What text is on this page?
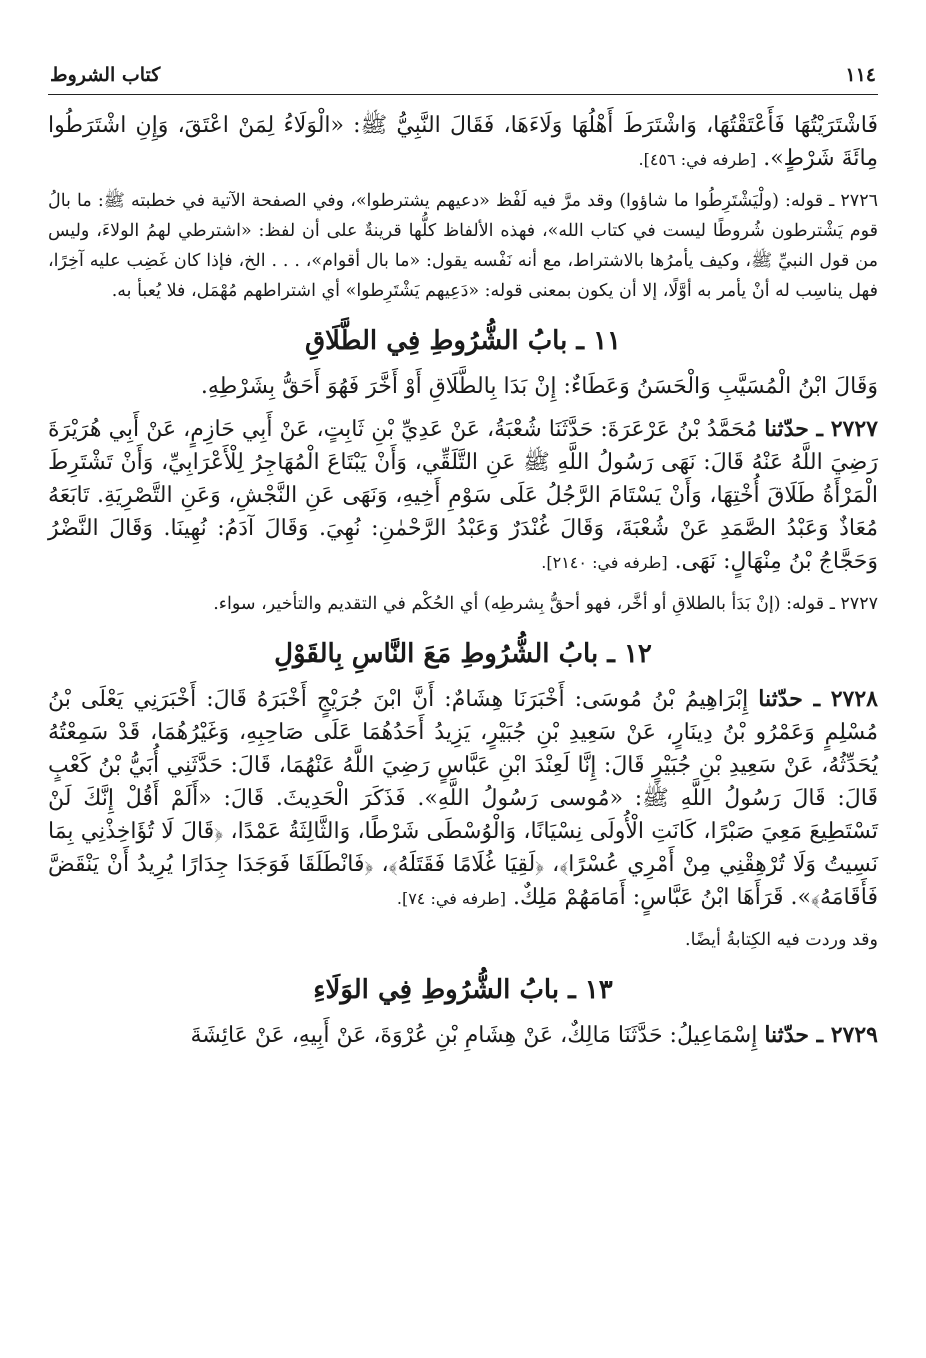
١١٤
كتاب الشروط

فَاشْتَرَيْتُهَا فَأَعْتَقْتُهَا، وَاشْتَرَطَ أَهْلُهَا وَلَاءَهَا، فَقَالَ النَّبِيُّ ﷺ: «الْوَلَاءُ لِمَنْ اعْتَقَ، وَإِنِ اشْتَرَطُوا مِائَةَ شَرْطٍ». [طرفه في: ٤٥٦].

٢٧٢٦ ـ قوله: (ولْيَشْتَرِطُوا ما شاؤوا) وقد مرَّ فيه لَفْظ «دعيهم يشترطوا»، وفي الصفحة الآتية في خطبته ﷺ: ما بالُ قوم يَشْترطون شُروطًا ليست في كتاب الله»، فهذه الألفاظ كلُّها قرينةٌ على أن لفظ: «اشترطي لهمُ الولاءَ، وليس من قول النبيِّ ﷺ، وكيف يأمرُها بالاشتراط، مع أنه نَفْسه يقول: «ما بال أقوام»، . . . الخ، فإذا كان غَضِب عليه آخِرًا، فهل يناسِب له أنْ يأمر به أوَّلًا، إلا أن يكون بمعنى قوله: «دَعِيهم يَشْتَرِطوا» أي اشتراطهم مُهْمَل، فلا يُعبأ به.

١١ ـ بابُ الشُّرُوطِ فِي الطَّلَاقِ

وَقَالَ ابْنُ الْمُسَيَّبِ وَالْحَسَنُ وَعَطَاءٌ: إِنْ بَدَا بِالطَّلَاقِ أَوْ أَخَّرَ فَهُوَ أَحَقُّ بِشَرْطِهِ.

٢٧٢٧ ـ حدّثنا مُحَمَّدُ بْنُ عَرْعَرَةَ: حَدَّثَنَا شُعْبَةُ، عَنْ عَدِيِّ بْنِ ثَابِتٍ، عَنْ أَبِي حَازِمٍ، عَنْ أَبِي هُرَيْرَةَ رَضِيَ اللَّهُ عَنْهُ قَالَ: نَهَى رَسُولُ اللَّهِ ﷺ عَنِ التَّلَقِّي، وَأَنْ يَبْتَاعَ الْمُهَاجِرُ لِلْأَعْرَابِيِّ، وَأَنْ تَشْتَرِطَ الْمَرْأَةُ طَلَاقَ أُخْتِهَا، وَأَنْ يَسْتَامَ الرَّجُلُ عَلَى سَوْمِ أَخِيهِ، وَنَهَى عَنِ النَّجْشِ، وَعَنِ التَّصْرِيَةِ. تَابَعَهُ مُعَاذٌ وَعَبْدُ الصَّمَدِ عَنْ شُعْبَةَ، وَقَالَ غُنْدَرٌ وَعَبْدُ الرَّحْمٰنِ: نُهِيَ. وَقَالَ آدَمُ: نُهِينَا. وَقَالَ النَّضْرُ وَحَجَّاجُ بْنُ مِنْهَالٍ: نَهَى. [طرفه في: ٢١٤٠].

٢٧٢٧ ـ قوله: (إنْ بَدَأ بالطلاقِ أو أخَّر، فهو أحقُّ بِشرطِه) أي الحُكْم في التقديم والتأخير، سواء.

١٢ ـ بابُ الشُّرُوطِ مَعَ النَّاسِ بِالقَوْلِ

٢٧٢٨ ـ حدّثنا إِبْرَاهِيمُ بْنُ مُوسَى: أَخْبَرَنَا هِشَامٌ: أَنَّ ابْنَ جُرَيْجٍ أَخْبَرَهُ قَالَ: أَخْبَرَنِي يَعْلَى بْنُ مُسْلِمٍ وَعَمْرُو بْنُ دِينَارٍ، عَنْ سَعِيدِ بْنِ جُبَيْرٍ، يَزِيدُ أَحَدُهُمَا عَلَى صَاحِبِهِ، وَغَيْرُهُمَا، قَدْ سَمِعْتُهُ يُحَدِّثُهُ، عَنْ سَعِيدِ بْنِ جُبَيْرٍ قَالَ: إِنَّا لَعِنْدَ ابْنِ عَبَّاسٍ رَضِيَ اللَّهُ عَنْهُمَا، قَالَ: حَدَّثَنِي أُبَيُّ بْنُ كَعْبٍ قَالَ: قَالَ رَسُولُ اللَّهِ ﷺ: «مُوسى رَسُولُ اللَّهِ». فَذَكَرَ الْحَدِيثَ. قَالَ: «أَلَمْ أَقُلْ إِنَّكَ لَنْ تَسْتَطِيعَ مَعِيَ صَبْرًا، كَانَتِ الْأُولَى نِسْيَانًا، وَالْوُسْطَى شَرْطًا، وَالثَّالِثَةُ عَمْدًا، ﴿قَالَ لَا تُؤَاخِذْنِي بِمَا نَسِيتُ وَلَا تُرْهِقْنِي مِنْ أَمْرِي عُسْرًا﴾، ﴿لَقِيَا غُلَامًا فَقَتَلَهُ﴾، ﴿فَانْطَلَقَا فَوَجَدَا جِدَارًا يُرِيدُ أَنْ يَنْقَضَّ فَأَقَامَهُ﴾». قَرَأَهَا ابْنُ عَبَّاسٍ: أَمَامَهُمْ مَلِكٌ. [طرفه في: ٧٤].

وقد وردت فيه الكِتابةُ أيضًا.

١٣ ـ بابُ الشُّرُوطِ فِي الوَلَاءِ

٢٧٢٩ ـ حدّثنا إِسْمَاعِيلُ: حَدَّثَنَا مَالِكٌ، عَنْ هِشَامِ بْنِ عُرْوَةَ، عَنْ أَبِيهِ، عَنْ عَائِشَةَ
